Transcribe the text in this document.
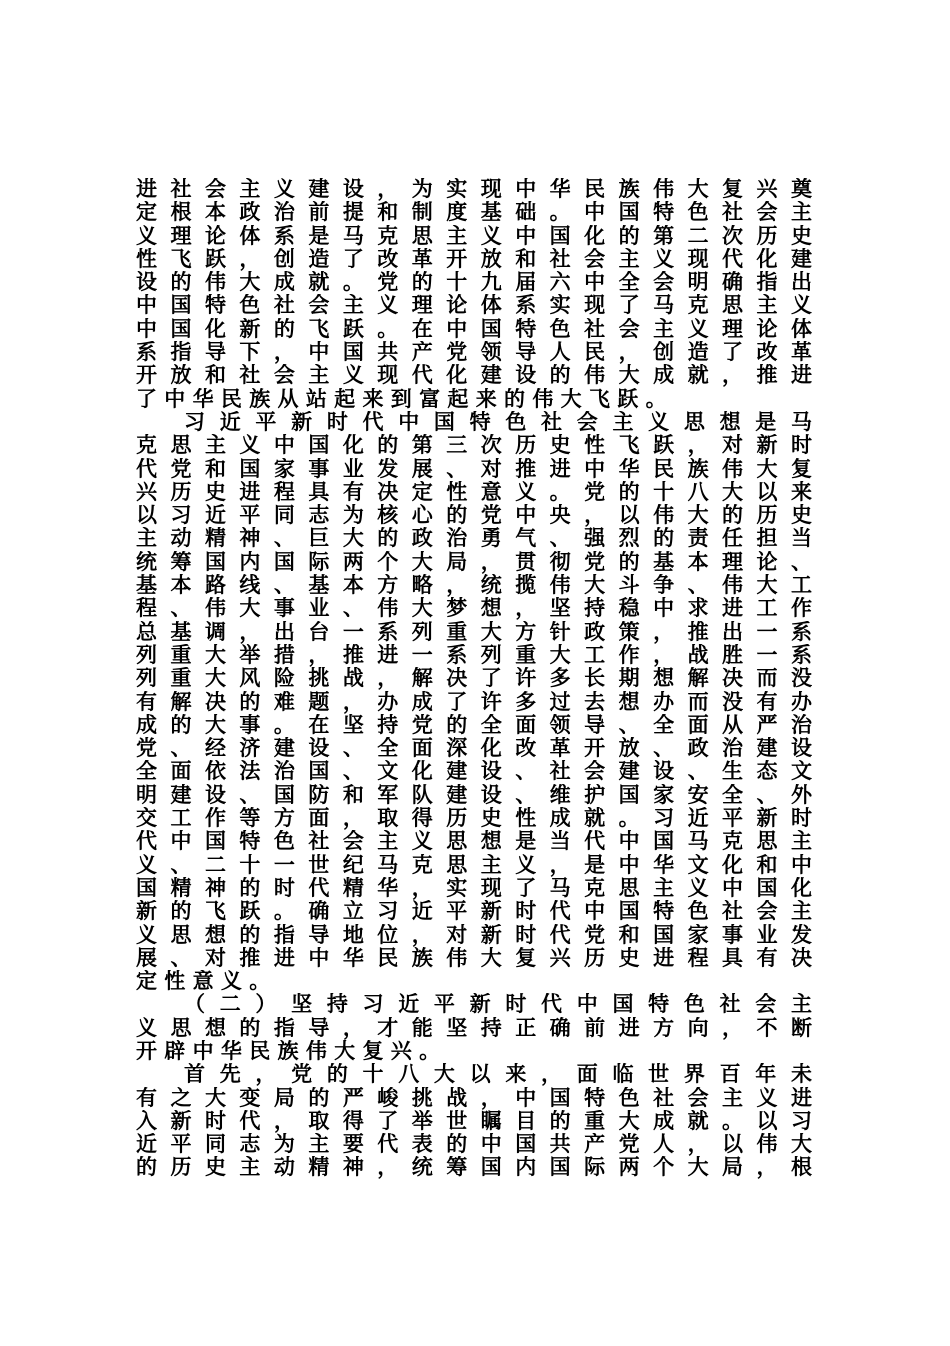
进 社 会 主 义 建 设 ， 为 实 现 中 华 民 族 伟 大 复 兴 奠
定 根 本 政 治 前 提 和 制 度 基 础 。 中 国 特 色 社 会 主
义 理 论 体 系 是 马 克 思 主 义 中 国 化 的 第 二 次 历 史
性 飞 跃 ， 创 造 了 改 革 开 放 和 社 会 主 义 现 代 化 建
设 的 伟 大 成 就 。 党 的 十 九 届 六 中 全 会 明 确 指 出
中 国 特 色 社 会 主 义 理 论 体 系 实 现 了 马 克 思 主 义
中 国 化 新 的 飞 跃 。 在 中 国 特 色 社 会 主 义 理 论 体
系 指 导 下 ， 中 国 共 产 党 领 导 人 民 ， 创 造 了 改 革
开 放 和 社 会 主 义 现 代 化 建 设 的 伟 大 成 就 ， 推 进
了 中 华 民 族 从 站 起 来 到 富 起 来 的 伟 大 飞 跃 。
习 近 平 新 时 代 中 国 特 色 社 会 主 义 思 想 是 马
克 思 主 义 中 国 化 的 第 三 次 历 史 性 飞 跃 ， 对 新 时
代 党 和 国 家 事 业 发 展 、 对 推 进 中 华 民 族 伟 大 复
兴 历 史 进 程 具 有 决 定 性 意 义 。 党 的 十 八 大 以 来
以 习 近 平 同 志 为 核 心 的 党 中 央 ， 以 伟 大 的 历 史
主 动 精 神 、 巨 大 的 政 治 勇 气 、 强 烈 的 责 任 担 当
统 筹 国 内 国 际 两 个 大 局 ， 贯 彻 党 的 基 本 理 论 、
基 本 路 线 、 基 本 方 略 ， 统 揽 伟 大 斗 争 、 伟 大 工
程 、 伟 大 事 业 、 伟 大 梦 想 ， 坚 持 稳 中 求 进 工 作
总 基 调 ， 出 台 一 系 列 重 大 方 针 政 策 ， 推 出 一 系
列 重 大 举 措 ， 推 进 一 系 列 重 大 工 作 ， 战 胜 一 系
列 重 大 风 险 挑 战 ， 解 决 了 许 多 长 期 想 解 决 而 没
有 解 决 的 难 题 ， 办 成 了 许 多 过 去 想 办 而 没 有 办
成 的 大 事 。 在 坚 持 党 的 全 面 领 导 、 全 面 从 严 治
党 、 经 济 建 设 、 全 面 深 化 改 革 开 放 、 政 治 建 设
全 面 依 法 治 国 、 文 化 建 设 、 社 会 建 设 、 生 态 文
明 建 设 、 国 防 和 军 队 建 设 、 维 护 国 家 安 全 、 外
交 工 作 等 方 面 ， 取 得 历 史 性 成 就 。 习 近 平 新 时
代 中 国 特 色 社 会 主 义 思 想 是 当 代 中 国 马 克 思 主
义 、 二 十 一 世 纪 马 克 思 主 义 ， 是 中 华 文 化 和 中
国 精 神 的 时 代 精 华 ， 实 现 了 马 克 思 主 义 中 国 化
新 的 飞 跃 。 确 立 习 近 平 新 时 代 中 国 特 色 社 会 主
义 思 想 的 指 导 地 位 ， 对 新 时 代 党 和 国 家 事 业 发
展 、 对 推 进 中 华 民 族 伟 大 复 兴 历 史 进 程 具 有 决
定 性 意 义 。
（ 二 ） 坚 持 习 近 平 新 时 代 中 国 特 色 社 会 主
义 思 想 的 指 导 ， 才 能 坚 持 正 确 前 进 方 向 ， 不 断
开 辟 中 华 民 族 伟 大 复 兴 。
首 先 ， 党 的 十 八 大 以 来 ， 面 临 世 界 百 年 未
有 之 大 变 局 的 严 峻 挑 战 ， 中 国 特 色 社 会 主 义 进
入 新 时 代 ， 取 得 了 举 世 瞩 目 的 重 大 成 就 。 以 习
近 平 同 志 为 主 要 代 表 的 中 国 共 产 党 人 ， 以 伟 大
的 历 史 主 动 精 神 ， 统 筹 国 内 国 际 两 个 大 局 ， 根
